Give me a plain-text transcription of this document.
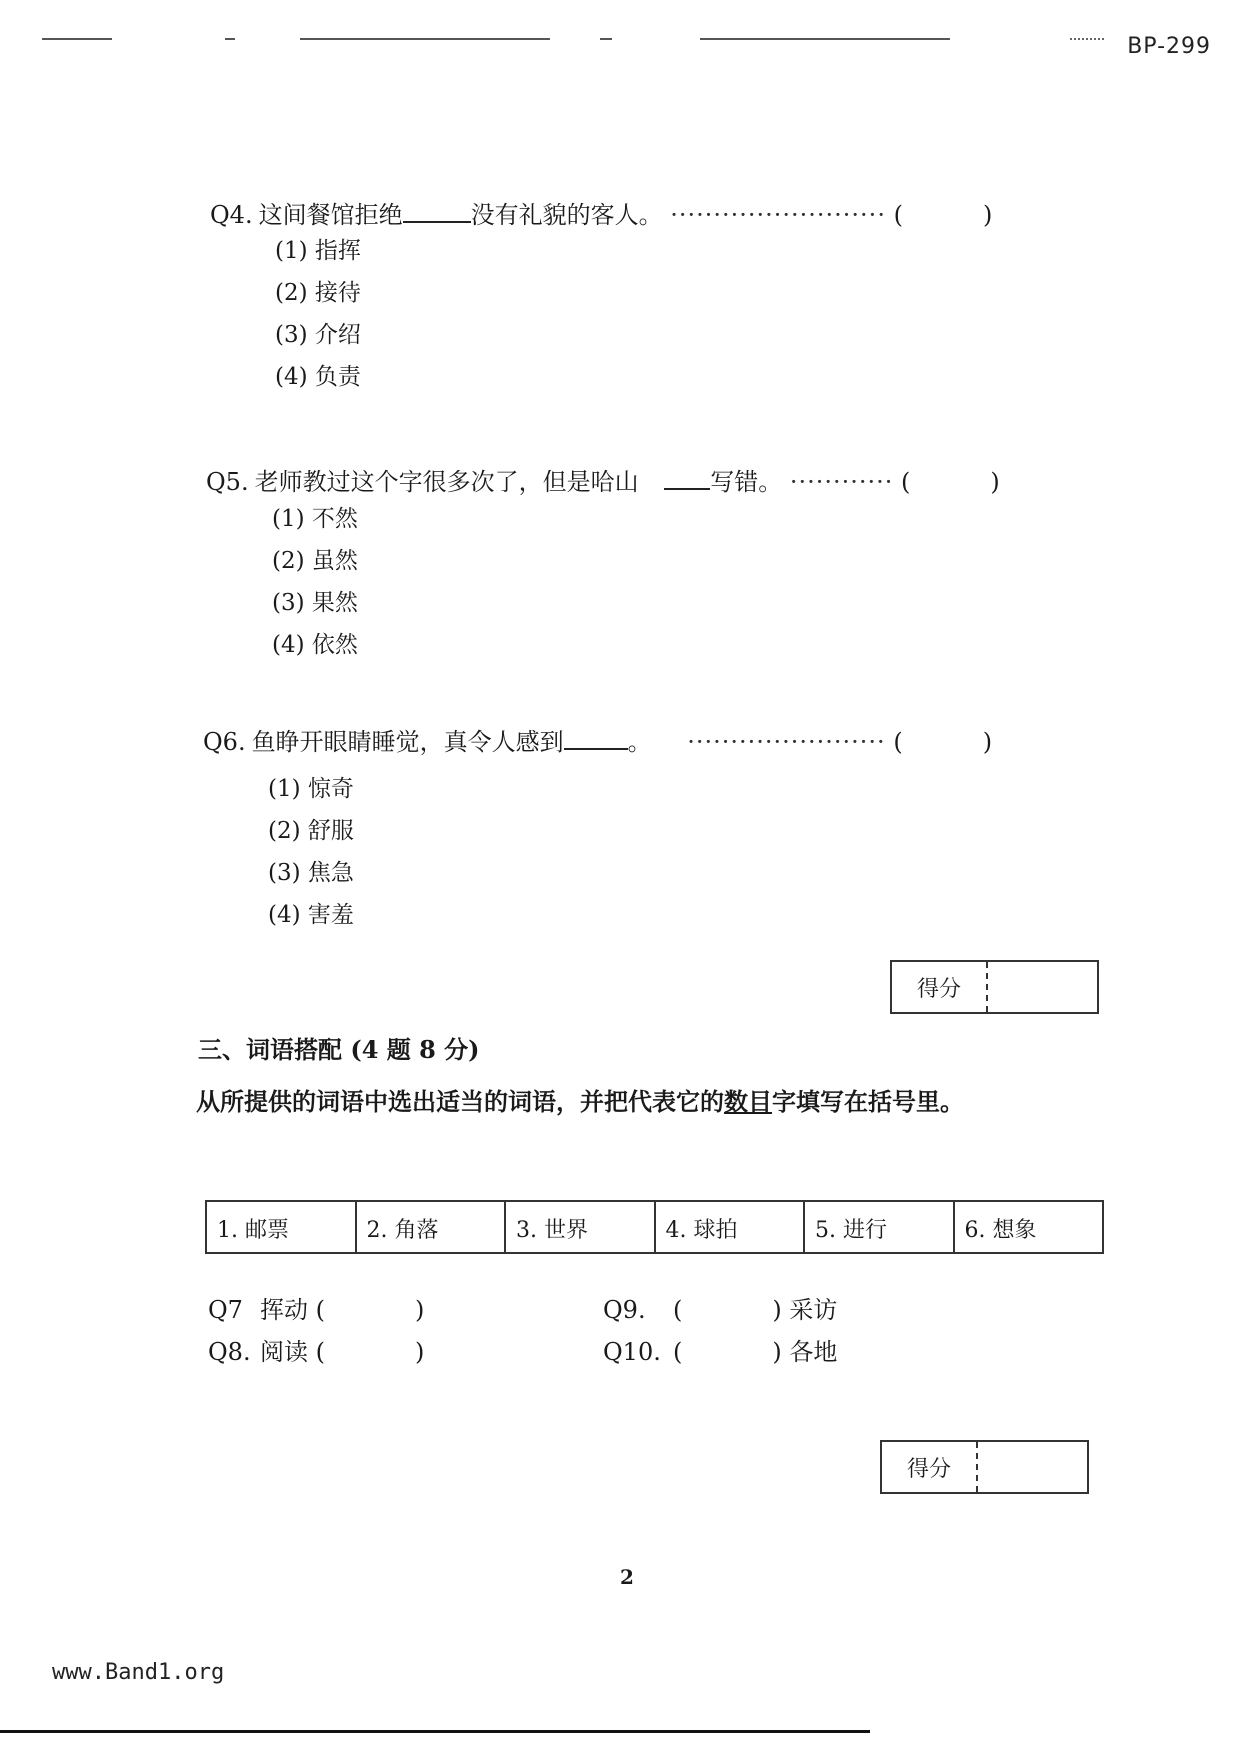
BP-299
Q4. 这间餐馆拒绝	没有礼貌的客人。 ························· (	)
(1) 指挥
(2) 接待
(3) 介绍
(4) 负责
Q5. 老师教过这个字很多次了，但是哈山	写错。 ············ (	)
(1) 不然
(2) 虽然
(3) 果然
(4) 依然
Q6. 鱼睁开眼睛睡觉，真令人感到	。 ······················· (	)
(1) 惊奇
(2) 舒服
(3) 焦急
(4) 害羞
得分
三、词语搭配 (4 题 8 分)
从所提供的词语中选出适当的词语，并把代表它的数目字填写在括号里。
1. 邮票	2. 角落	3. 世界	4. 球拍	5. 进行	6. 想象
Q7 挥动 (	)
Q8. 阅读 (	)
Q9. (	) 采访
Q10. (	) 各地
得分
2
www.Band1.org
